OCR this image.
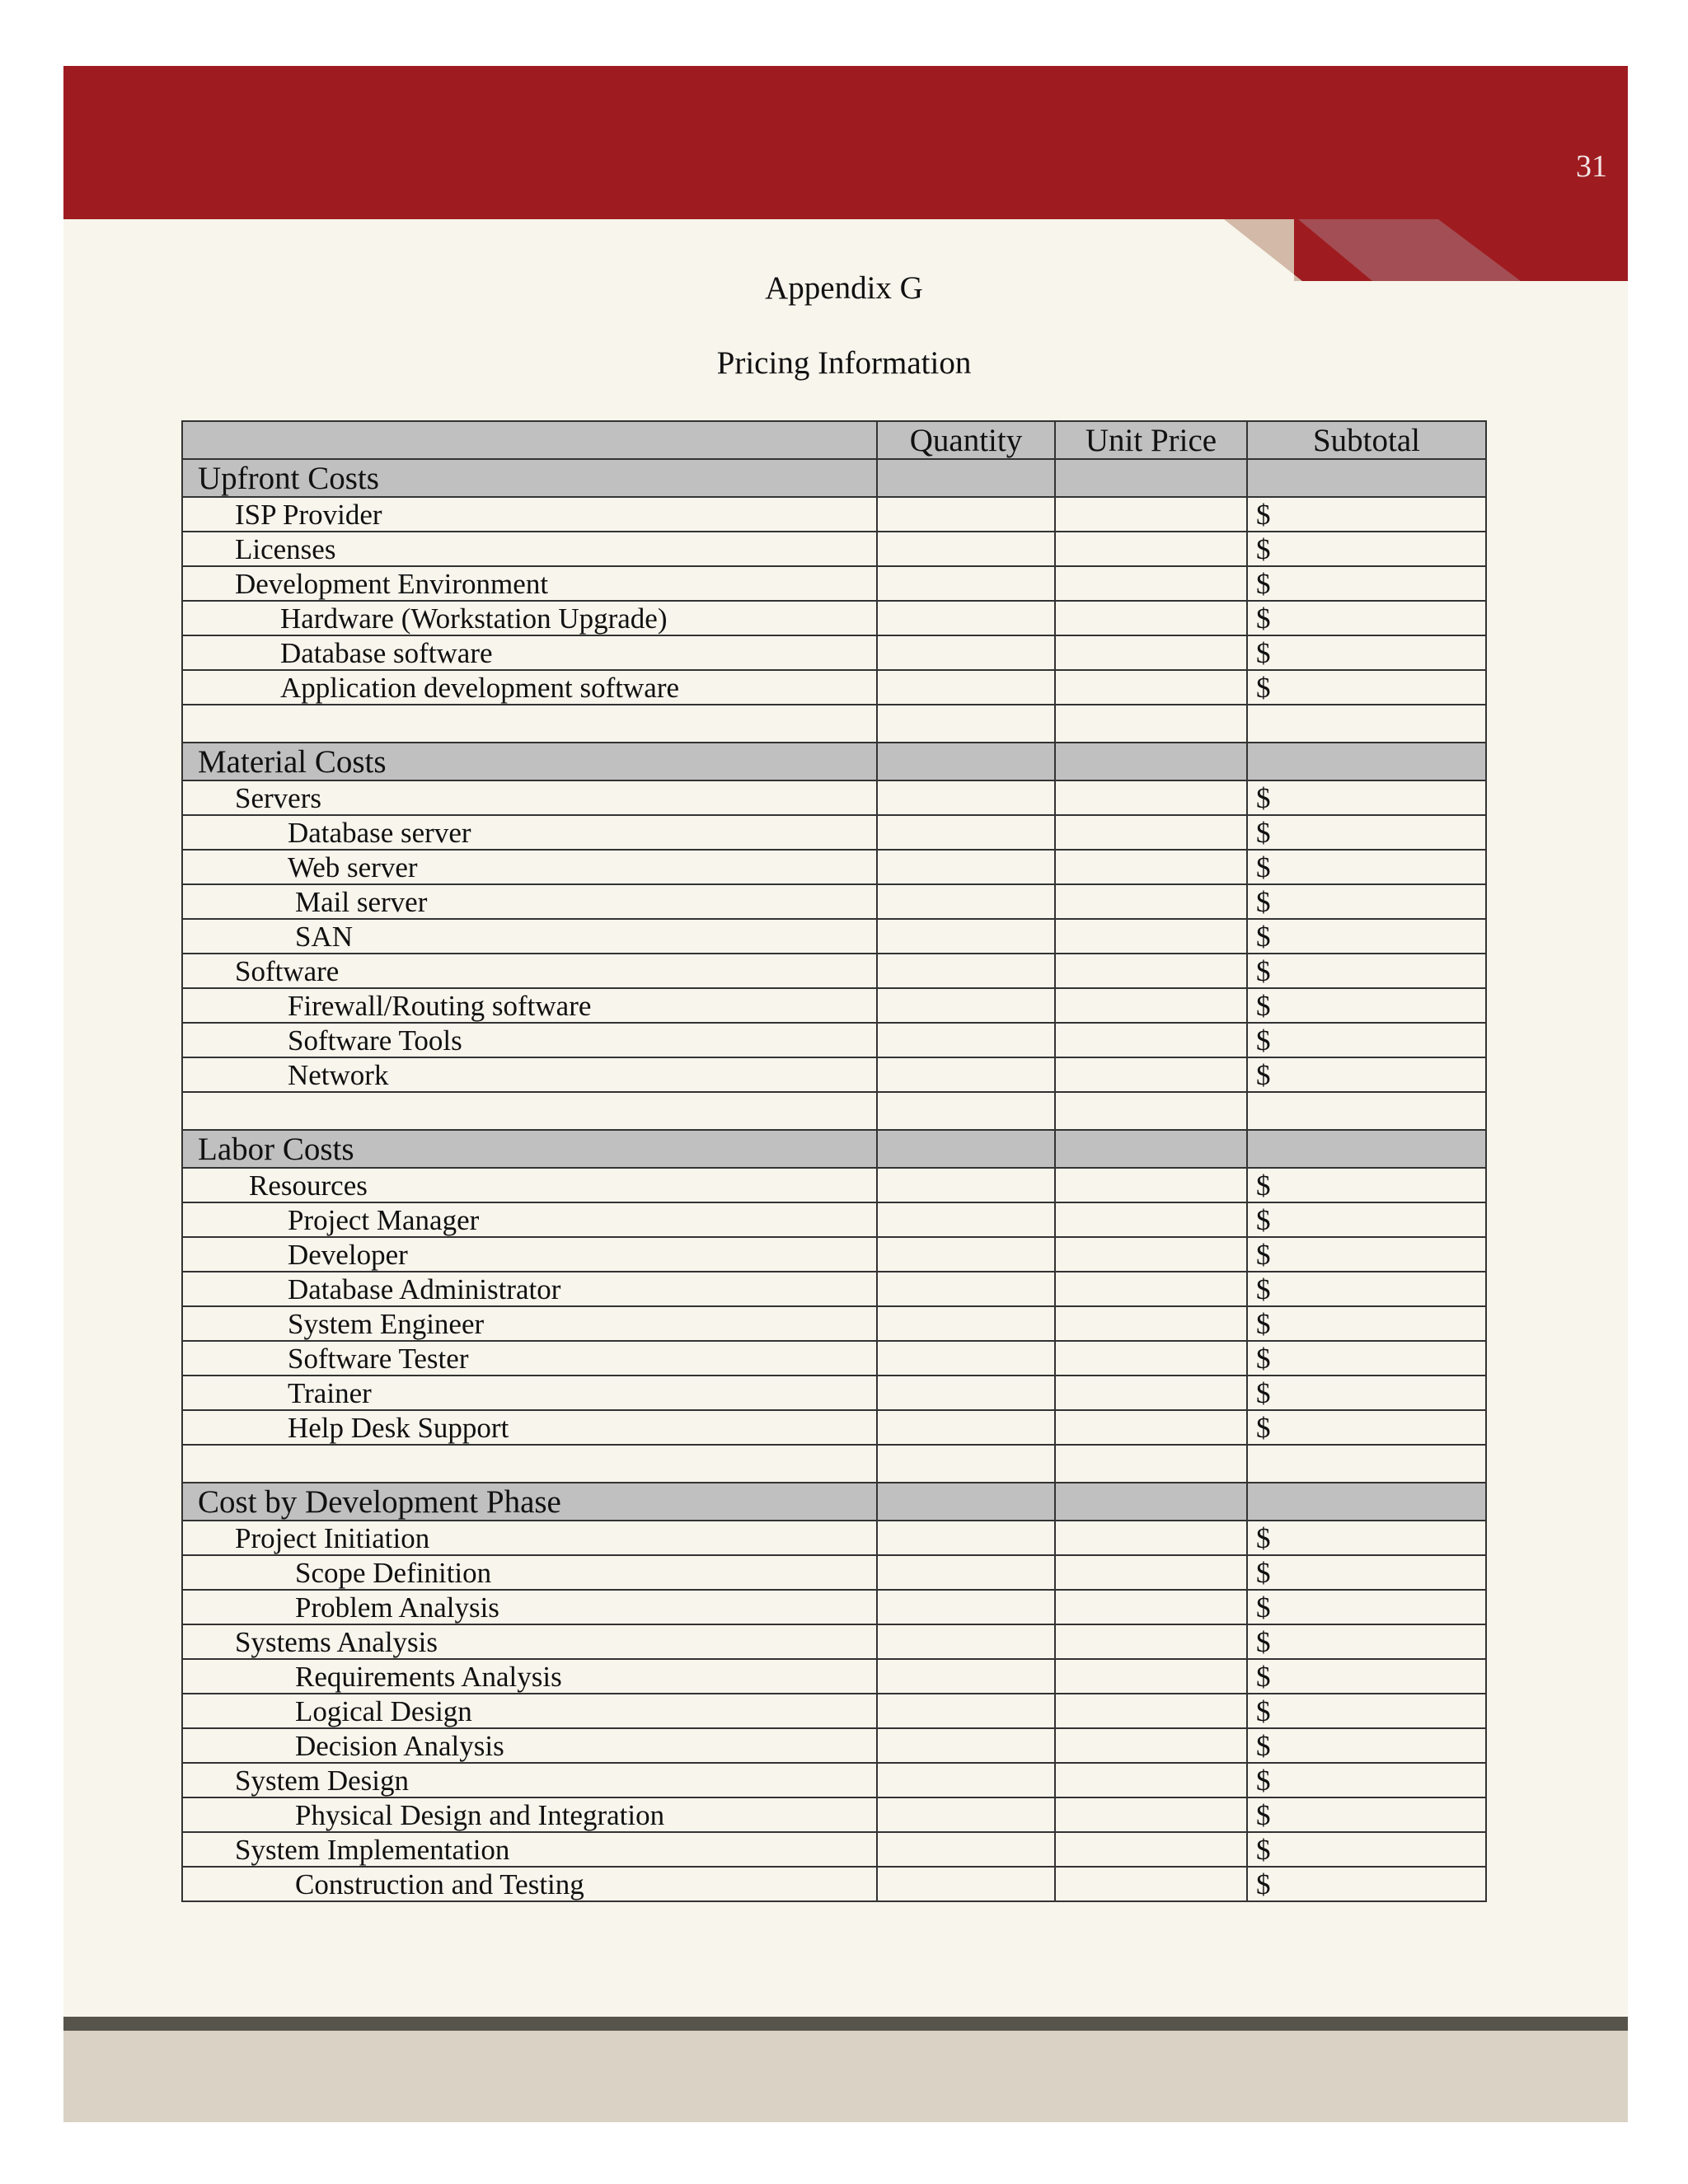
31
Appendix G
Pricing Information
	Quantity	Unit Price	Subtotal
Upfront Costs			
ISP Provider			$
Licenses			$
Development Environment			$
Hardware (Workstation Upgrade)			$
Database software			$
Application development software			$

Material Costs			
Servers			$
Database server			$
Web server			$
Mail server			$
SAN			$
Software			$
Firewall/Routing software			$
Software Tools			$
Network			$

Labor Costs			
Resources			$
Project Manager			$
Developer			$
Database Administrator			$
System Engineer			$
Software Tester			$
Trainer			$
Help Desk Support			$

Cost by Development Phase			
Project Initiation			$
Scope Definition			$
Problem Analysis			$
Systems Analysis			$
Requirements Analysis			$
Logical Design			$
Decision Analysis			$
System Design			$
Physical Design and Integration			$
System Implementation			$
Construction and Testing			$
